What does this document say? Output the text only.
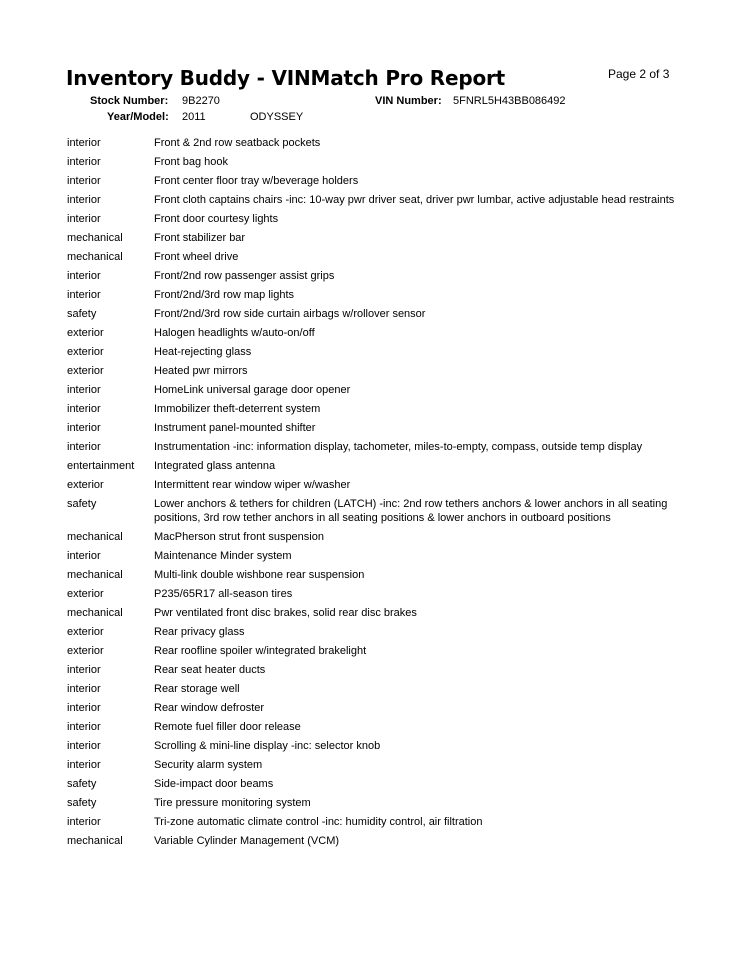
Inventory Buddy - VINMatch Pro Report	Page 2 of 3
Stock Number: 9B2270	VIN Number: 5FNRL5H43BB086492
Year/Model: 2011	ODYSSEY
interior	Front & 2nd row seatback pockets
interior	Front bag hook
interior	Front center floor tray w/beverage holders
interior	Front cloth captains chairs -inc: 10-way pwr driver seat, driver pwr lumbar, active adjustable head restraints
interior	Front door courtesy lights
mechanical	Front stabilizer bar
mechanical	Front wheel drive
interior	Front/2nd row passenger assist grips
interior	Front/2nd/3rd row map lights
safety	Front/2nd/3rd row side curtain airbags w/rollover sensor
exterior	Halogen headlights w/auto-on/off
exterior	Heat-rejecting glass
exterior	Heated pwr mirrors
interior	HomeLink universal garage door opener
interior	Immobilizer theft-deterrent system
interior	Instrument panel-mounted shifter
interior	Instrumentation -inc: information display, tachometer, miles-to-empty, compass, outside temp display
entertainment	Integrated glass antenna
exterior	Intermittent rear window wiper w/washer
safety	Lower anchors & tethers for children (LATCH) -inc: 2nd row tethers anchors & lower anchors in all seating positions, 3rd row tether anchors in all seating positions & lower anchors in outboard positions
mechanical	MacPherson strut front suspension
interior	Maintenance Minder system
mechanical	Multi-link double wishbone rear suspension
exterior	P235/65R17 all-season tires
mechanical	Pwr ventilated front disc brakes, solid rear disc brakes
exterior	Rear privacy glass
exterior	Rear roofline spoiler w/integrated brakelight
interior	Rear seat heater ducts
interior	Rear storage well
interior	Rear window defroster
interior	Remote fuel filler door release
interior	Scrolling & mini-line display -inc: selector knob
interior	Security alarm system
safety	Side-impact door beams
safety	Tire pressure monitoring system
interior	Tri-zone automatic climate control -inc: humidity control, air filtration
mechanical	Variable Cylinder Management (VCM)
